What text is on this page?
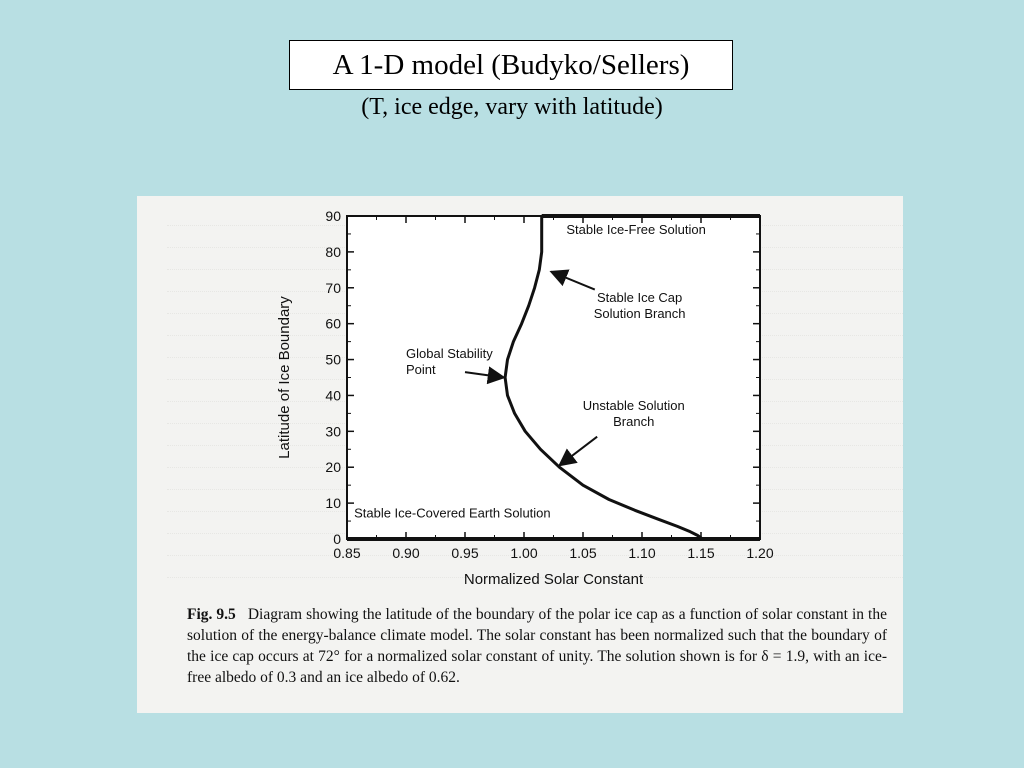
A 1-D model (Budyko/Sellers)
(T, ice edge, vary with latitude)
0.85 0.90 0.95 1.00 1.05 1.10 1.15 1.20
0
10
20
30
40
50
60
70
80
90
Normalized Solar Constant
Latitude of Ice Boundary
Stable Ice-Free Solution
Stable Ice Cap Solution Branch
Global Stability Point
Unstable Solution Branch
Stable Ice-Covered Earth Solution
Fig. 9.5 Diagram showing the latitude of the boundary of the polar ice cap as a function of solar constant in the solution of the energy-balance climate model. The solar constant has been normalized such that the boundary of the ice cap occurs at 72° for a normalized solar constant of unity. The solution shown is for δ = 1.9, with an ice-free albedo of 0.3 and an ice albedo of 0.62.
